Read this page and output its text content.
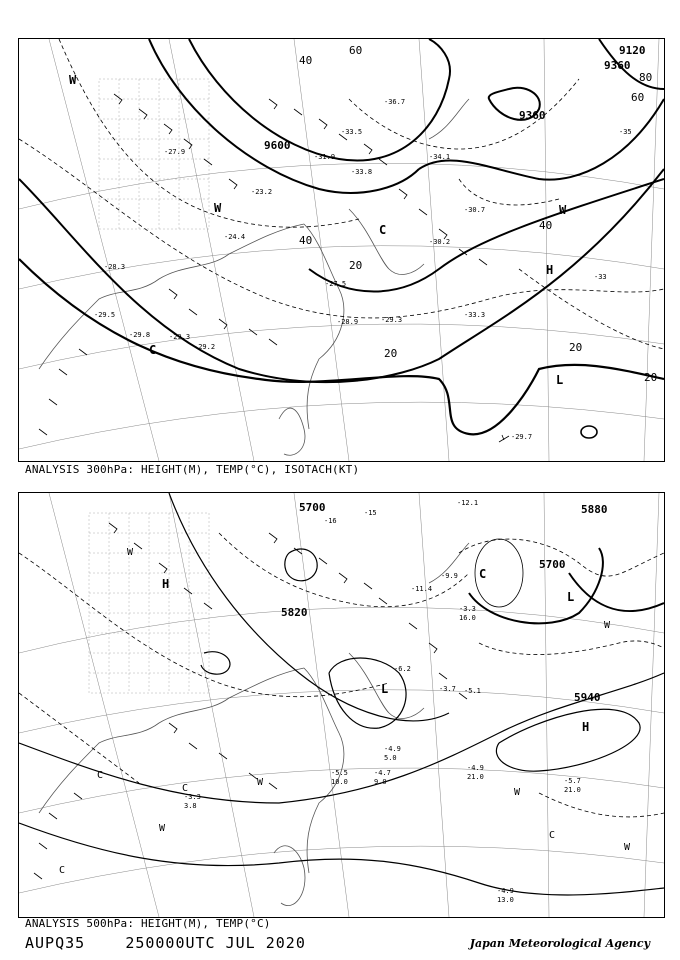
9600
9360
9120
9360
40
60
80
60
40
20
20
40
20
20
H
L
C
W
W	W
C
-29.7
-33.3
-28.9	-29.3
-27.5
-30.2
-30.7
-33.8
-34.1
-36.7
-31.9
-33.5
-27.9
-24.4
-23.2
-29.8	-29.3
-29.2
-29.5
-28.3
-33
-35
ANALYSIS 300hPa: HEIGHT(M), TEMP(°C), ISOTACH(KT)
5700
5700
5820
5940
5880
H
L
H
C
L
W
W
C
C
W
C
W
W
W
C
-4.9
13.0
-5.7
21.0
-4.9
21.0
-4.7
9.0
-5.5
10.0
-4.9
5.0
-5.1
-3.7
-6.2
-3.3
16.0
-15
-12.1
-16
-11.4
-9.9
-3.3
3.8
ANALYSIS 500hPa: HEIGHT(M), TEMP(°C)
AUPQ35	250000UTC JUL 2020	Japan Meteorological Agency
